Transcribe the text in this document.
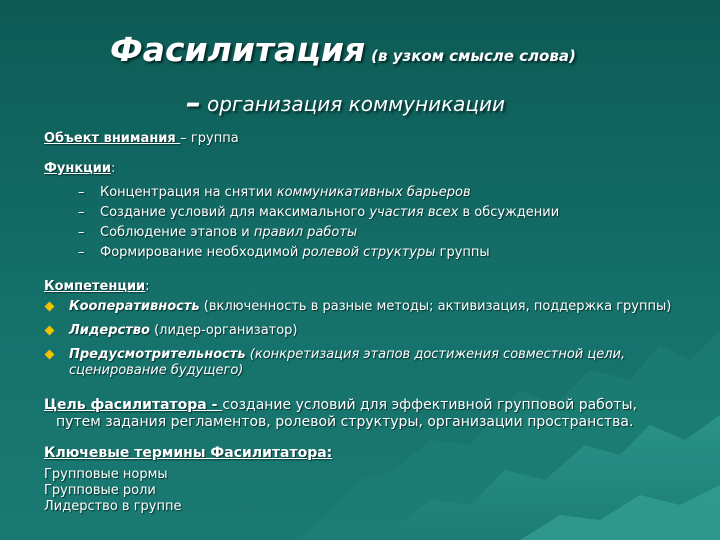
Фасилитация (в узком смысле слова)
– организация коммуникации
Объект внимания – группа
Функции:
– Концентрация на снятии коммуникативных барьеров
– Создание условий для максимального участия всех в обсуждении
– Соблюдение этапов и правил работы
– Формирование необходимой ролевой структуры группы
Компетенции:
Кооперативность (включенность в разные методы; активизация, поддержка группы)
Лидерство (лидер-организатор)
Предусмотрительность (конкретизация этапов достижения совместной цели, сценирование будущего)
Цель фасилитатора - создание условий для эффективной групповой работы,
путем задания регламентов, ролевой структуры, организации пространства.
Ключевые термины Фасилитатора:
Групповые нормы
Групповые роли
Лидерство в группе
